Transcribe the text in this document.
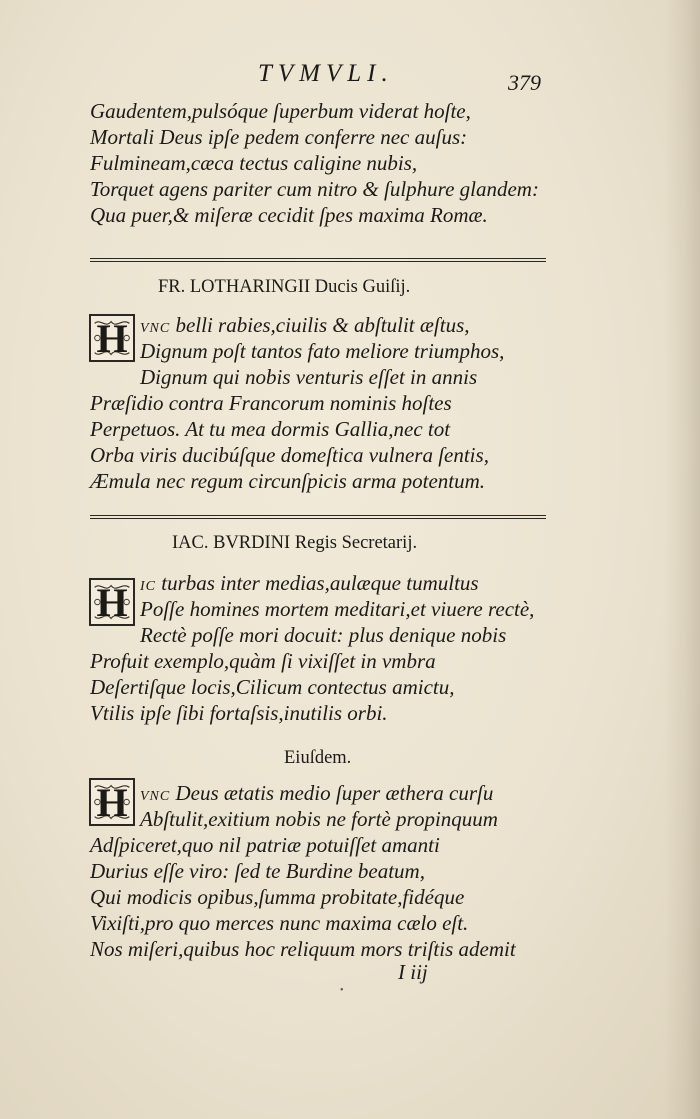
TVMVLI.	379

Gaudentem,pulsóque ſuperbum viderat hoſte,

Mortali Deus ipſe pedem conferre nec auſus:

Fulmineam,cæca tectus caligine nubis,

Torquet agens pariter cum nitro & ſulphure glandem:

Qua puer,& miſeræ cecidit ſpes maxima Romæ.

FR. LOTHARINGII Ducis Guiſij.

H VNC belli rabies,ciuilis & abſtulit æſtus,

Dignum poſt tantos fato meliore triumphos,

Dignum qui nobis venturis eſſet in annis

Præſidio contra Francorum nominis hoſtes

Perpetuos. At tu mea dormis Gallia,nec tot

Orba viris ducibúſque domeſtica vulnera ſentis,

Æmula nec regum circunſpicis arma potentum.

IAC. BVRDINI Regis Secretarij.

H IC turbas inter medias,aulæque tumultus

Poſſe homines mortem meditari,et viuere rectè,

Rectè poſſe mori docuit: plus denique nobis

Profuit exemplo,quàm ſi vixiſſet in vmbra

Deſertiſque locis,Cilicum contectus amictu,

Vtilis ipſe ſibi fortaſsis,inutilis orbi.

Eiuſdem.

H VNC Deus ætatis medio ſuper æthera curſu

Abſtulit,exitium nobis ne fortè propinquum

Adſpiceret,quo nil patriæ potuiſſet amanti

Durius eſſe viro: ſed te Burdine beatum,

Qui modicis opibus,ſumma probitate,fidéque

Vixiſti,pro quo merces nunc maxima cælo eſt.

Nos miſeri,quibus hoc reliquum mors triſtis ademit

I iij
•
